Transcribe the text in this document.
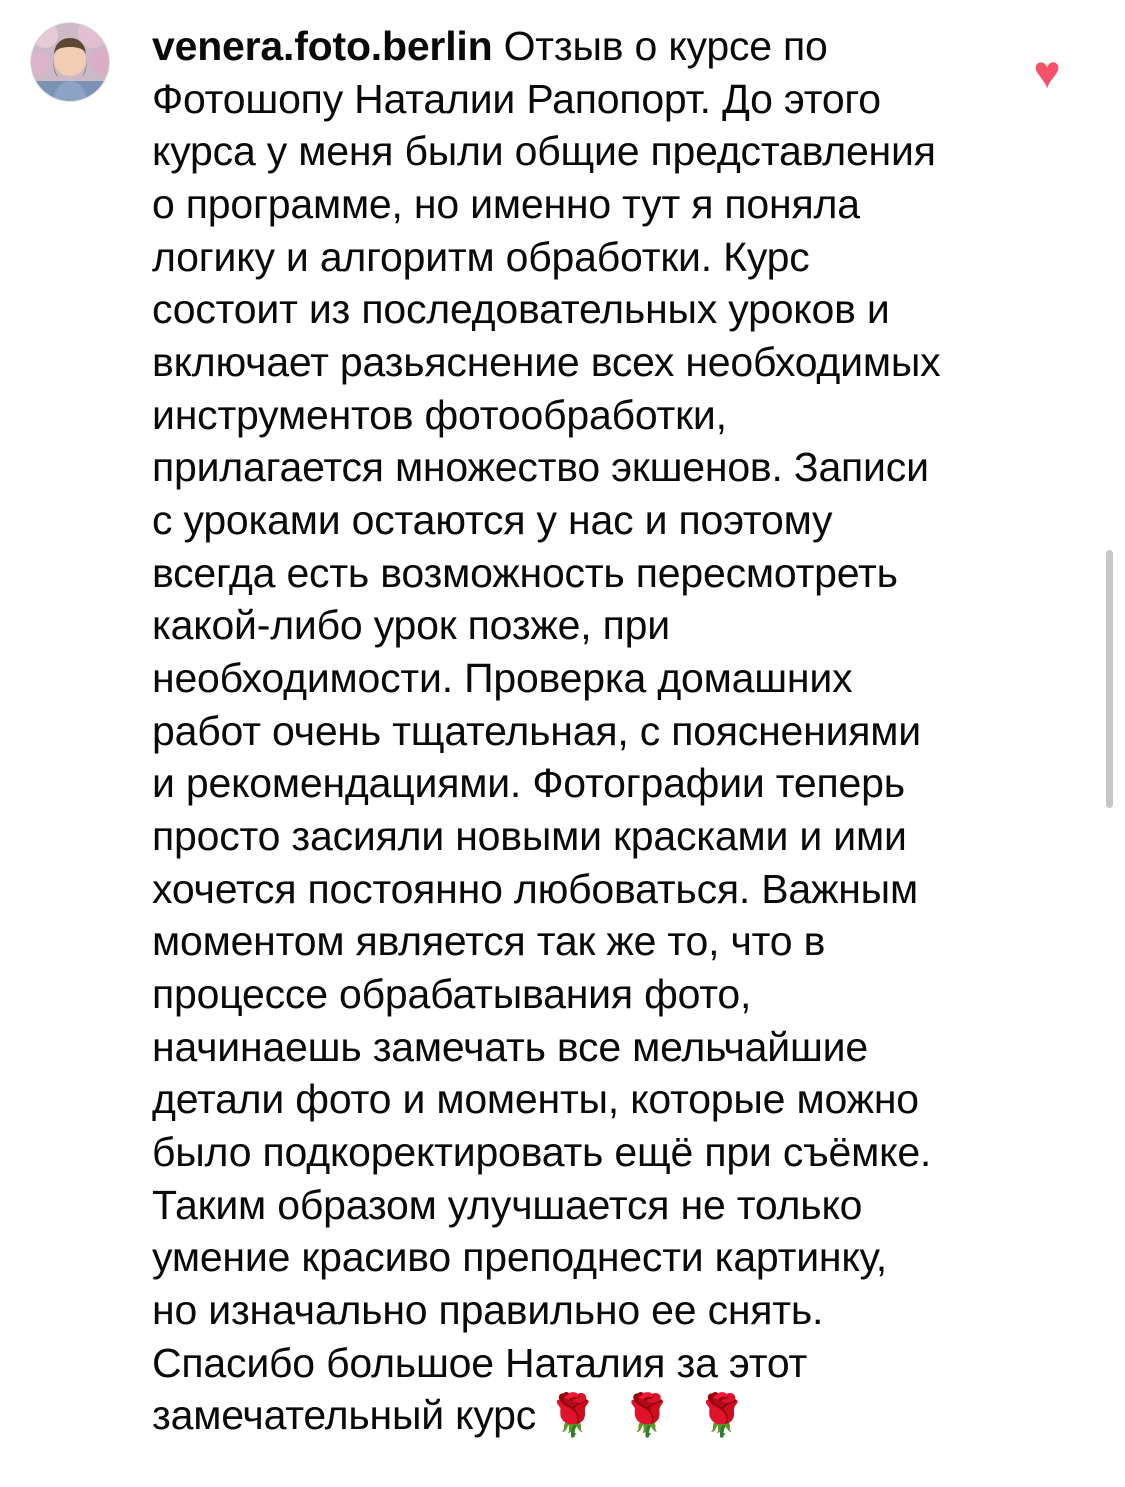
venera.foto.berlin Отзыв о курсе по Фотошопу Наталии Рапопорт. До этого курса у меня были общие представления о программе, но именно тут я поняла логику и алгоритм обработки. Курс состоит из последовательных уроков и включает разьяснение всех необходимых инструментов фотообработки, прилагается множество экшенов. Записи с уроками остаются у нас и поэтому всегда есть возможность пересмотреть какой-либо урок позже, при необходимости. Проверка домашних работ очень тщательная, с пояснениями и рекомендациями. Фотографии теперь просто засияли новыми красками и ими хочется постоянно любоваться. Важным моментом является так же то, что в процессе обрабатывания фото, начинаешь замечать все мельчайшие детали фото и моменты, которые можно было подкоректировать ещё при съёмке. Таким образом улучшается не только умение красиво преподнести картинку, но изначально правильно ее снять. Спасибо большое Наталия за этот замечательный курс 🌹 🌹 🌹
♥
